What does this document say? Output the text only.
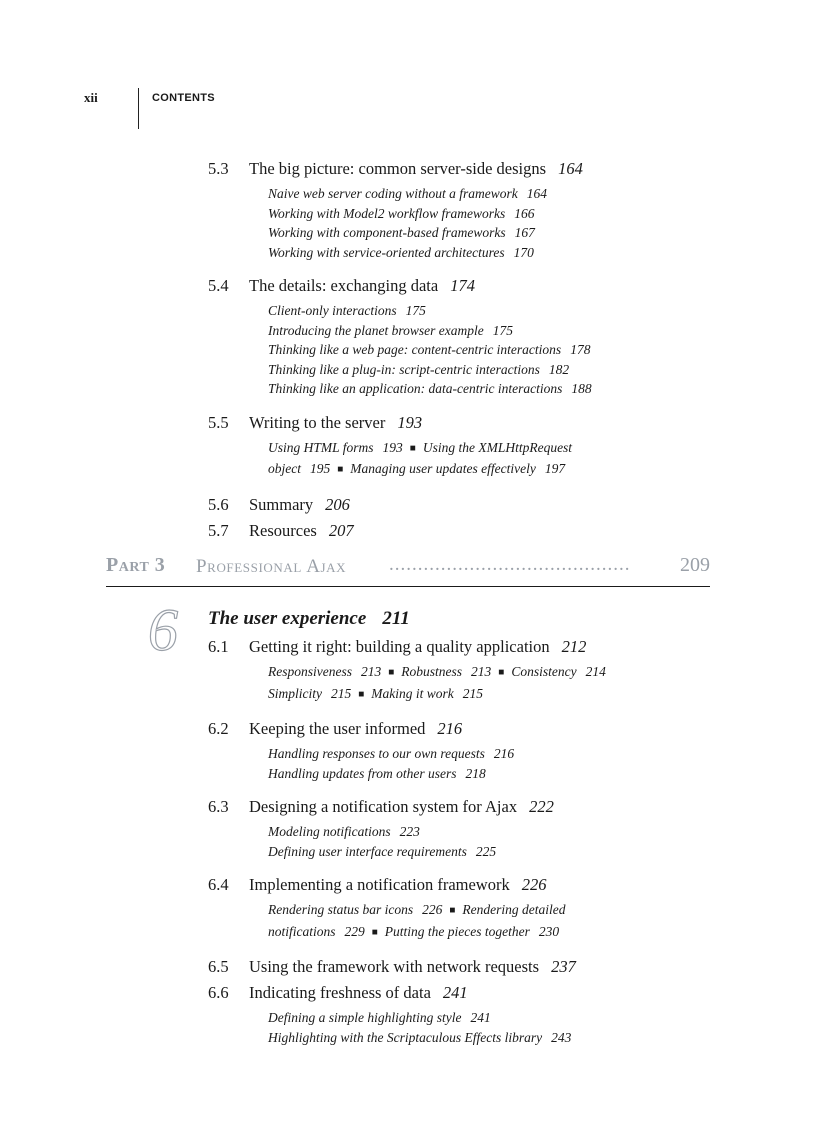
xii	CONTENTS
5.3	The big picture: common server-side designs 164
Naive web server coding without a framework 164
Working with Model2 workflow frameworks 166
Working with component-based frameworks 167
Working with service-oriented architectures 170
5.4	The details: exchanging data 174
Client-only interactions 175
Introducing the planet browser example 175
Thinking like a web page: content-centric interactions 178
Thinking like a plug-in: script-centric interactions 182
Thinking like an application: data-centric interactions 188
5.5	Writing to the server 193
Using HTML forms 193 ■ Using the XMLHttpRequest
object 195 ■ Managing user updates effectively 197
5.6	Summary 206
5.7	Resources 207
Part 3 Professional Ajax ..........................................	209
6 The user experience 211
6.1	Getting it right: building a quality application 212
Responsiveness 213 ■ Robustness 213 ■ Consistency 214
Simplicity 215 ■ Making it work 215
6.2	Keeping the user informed 216
Handling responses to our own requests 216
Handling updates from other users 218
6.3	Designing a notification system for Ajax 222
Modeling notifications 223
Defining user interface requirements 225
6.4	Implementing a notification framework 226
Rendering status bar icons 226 ■ Rendering detailed
notifications 229 ■ Putting the pieces together 230
6.5	Using the framework with network requests 237
6.6	Indicating freshness of data 241
Defining a simple highlighting style 241
Highlighting with the Scriptaculous Effects library 243
